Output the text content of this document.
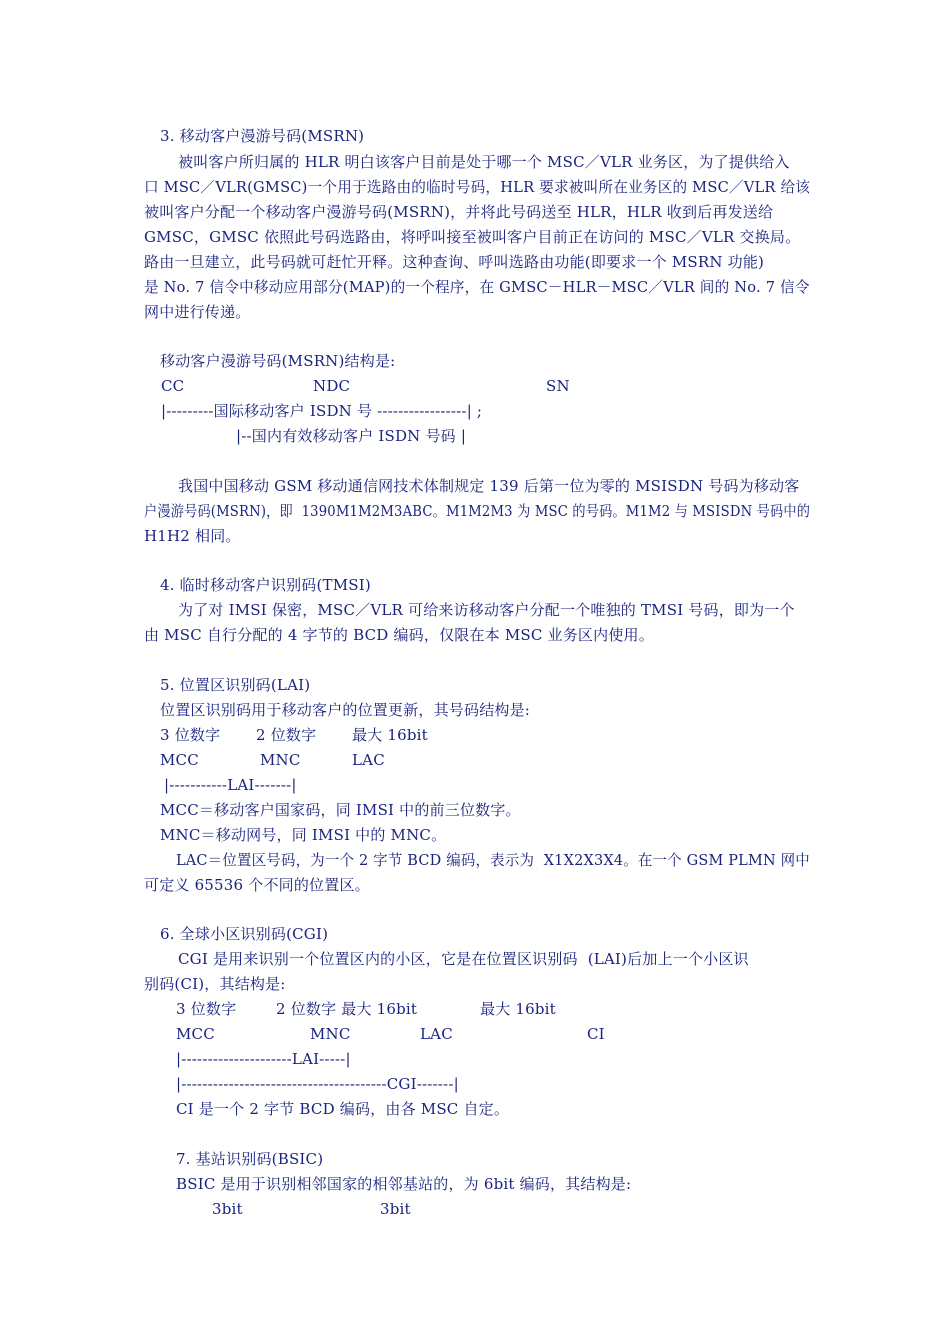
3. 移动客户漫游号码(MSRN)
被叫客户所归属的 HLR 明白该客户目前是处于哪一个 MSC／VLR 业务区，为了提供给入
口 MSC／VLR(GMSC)一个用于选路由的临时号码，HLR 要求被叫所在业务区的 MSC／VLR 给该
被叫客户分配一个移动客户漫游号码(MSRN)，并将此号码送至 HLR，HLR 收到后再发送给
GMSC，GMSC 依照此号码选路由，将呼叫接至被叫客户目前正在访问的 MSC／VLR 交换局。
路由一旦建立，此号码就可赶忙开释。这种查询、呼叫选路由功能(即要求一个 MSRN 功能)
是 No. 7 信令中移动应用部分(MAP)的一个程序，在 GMSC－HLR－MSC／VLR 间的 No. 7 信令
网中进行传递。
移动客户漫游号码(MSRN)结构是:
CC	NDC	SN
|---------国际移动客户 ISDN 号 -----------------| ;
|--国内有效移动客户 ISDN 号码 |
我国中国移动 GSM 移动通信网技术体制规定 139 后第一位为零的 MSISDN 号码为移动客
户漫游号码(MSRN)，即  1390M1M2M3ABC。M1M2M3 为 MSC 的号码。M1M2 与 MSISDN 号码中的
H1H2 相同。
4. 临时移动客户识别码(TMSI)
为了对 IMSI 保密，MSC／VLR 可给来访移动客户分配一个唯独的 TMSI 号码，即为一个
由 MSC 自行分配的 4 字节的 BCD 编码，仅限在本 MSC 业务区内使用。
5. 位置区识别码(LAI)
位置区识别码用于移动客户的位置更新，其号码结构是:
3 位数字 2 位数字 最大 16bit
MCC	MNC	LAC
|-----------LAI-------|
MCC＝移动客户国家码，同 IMSI 中的前三位数字。
MNC＝移动网号，同 IMSI 中的 MNC。
LAC＝位置区号码，为一个 2 字节 BCD 编码，表示为  X1X2X3X4。在一个 GSM PLMN 网中
可定义 65536 个不同的位置区。
6. 全球小区识别码(CGI)
CGI 是用来识别一个位置区内的小区，它是在位置区识别码  (LAI)后加上一个小区识
别码(CI)，其结构是:
3 位数字	2 位数字 最大 16bit	最大 16bit
MCC	MNC	LAC	CI
|---------------------LAI-----|
|---------------------------------------CGI-------|
CI 是一个 2 字节 BCD 编码，由各 MSC 自定。
7. 基站识别码(BSIC)
BSIC 是用于识别相邻国家的相邻基站的，为 6bit 编码，其结构是:
3bit	3bit
